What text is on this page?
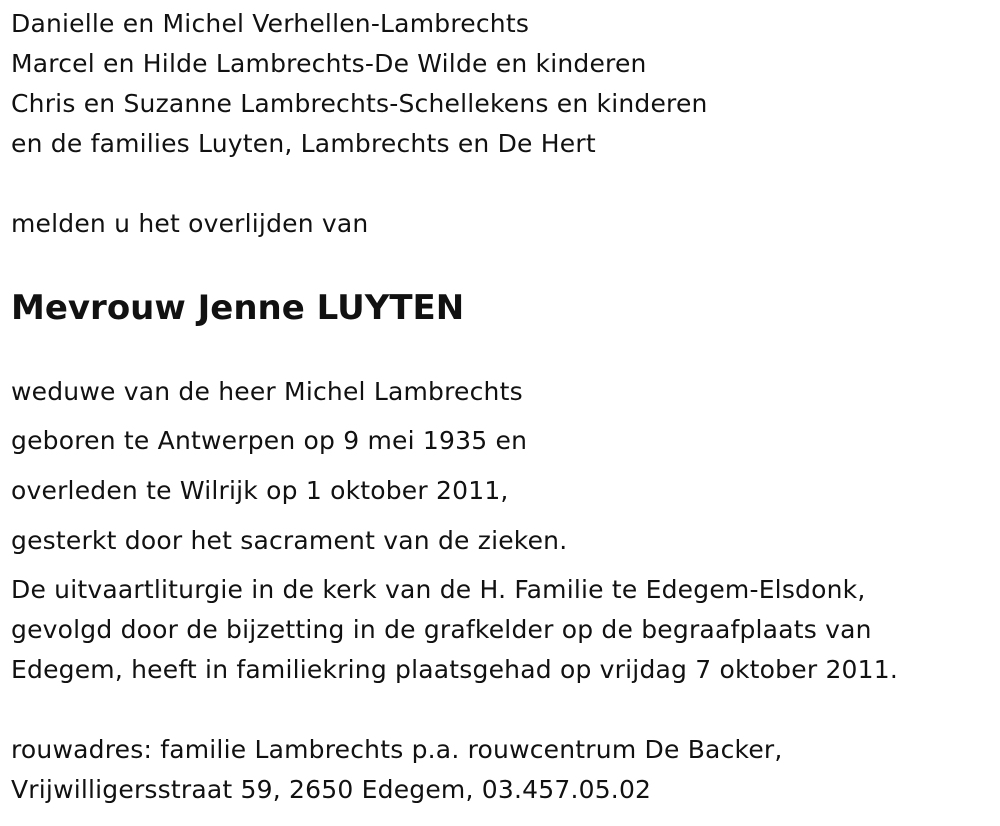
Danielle en Michel Verhellen-Lambrechts
Marcel en Hilde Lambrechts-De Wilde en kinderen
Chris en Suzanne Lambrechts-Schellekens en kinderen
en de families Luyten, Lambrechts en De Hert
melden u het overlijden van
Mevrouw Jenne LUYTEN
weduwe van de heer Michel Lambrechts
geboren te Antwerpen op 9 mei 1935 en
overleden te Wilrijk op 1 oktober 2011,
gesterkt door het sacrament van de zieken.
De uitvaartliturgie in de kerk van de H. Familie te Edegem-Elsdonk,
gevolgd door de bijzetting in de grafkelder op de begraafplaats van
Edegem, heeft in familiekring plaatsgehad op vrijdag 7 oktober 2011.
rouwadres: familie Lambrechts p.a. rouwcentrum De Backer,
Vrijwilligersstraat 59, 2650 Edegem, 03.457.05.02
